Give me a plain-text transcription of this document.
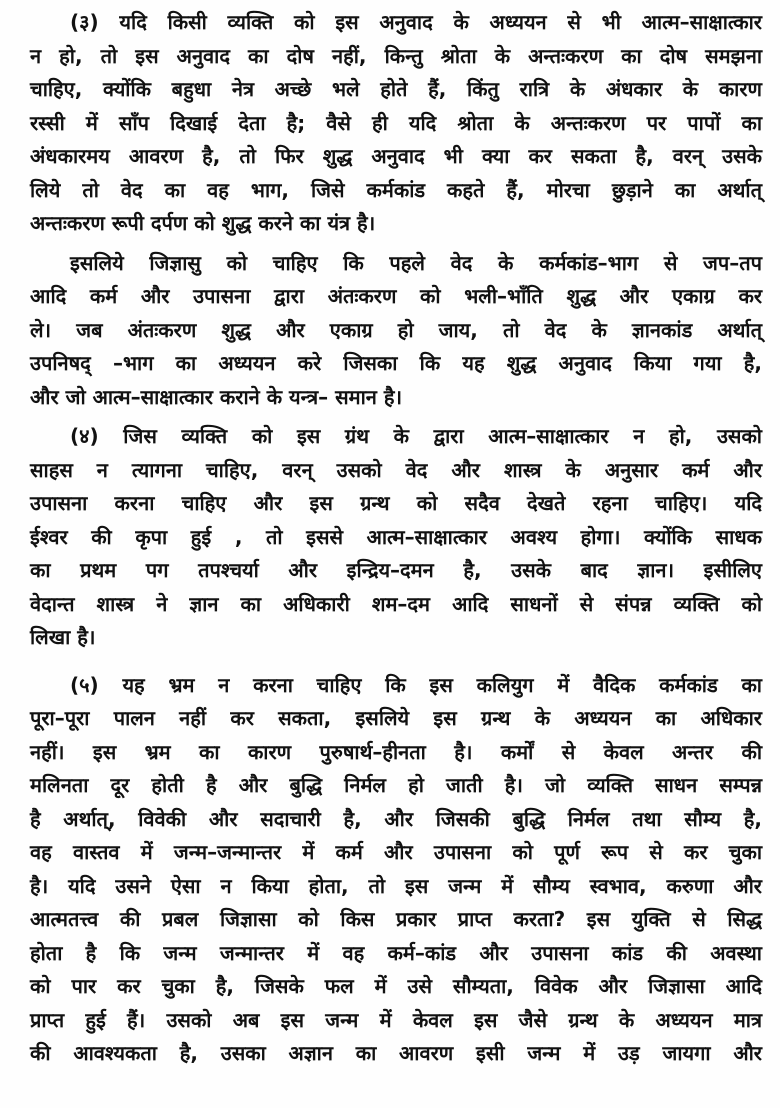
(३) यदि किसी व्यक्ति को इस अनुवाद के अध्ययन से भी आत्म–साक्षात्कार
न हो, तो इस अनुवाद का दोष नहीं, किन्तु श्रोता के अन्तःकरण का दोष समझना
चाहिए, क्योंकि बहुधा नेत्र अच्छे भले होते हैं, किंतु रात्रि के अंधकार के कारण
रस्सी में साँप दिखाई देता है; वैसे ही यदि श्रोता के अन्तःकरण पर पापों का
अंधकारमय आवरण है, तो फिर शुद्ध अनुवाद भी क्या कर सकता है, वरन् उसके
लिये तो वेद का वह भाग, जिसे कर्मकांड कहते हैं, मोरचा छुड़ाने का अर्थात्
अन्तःकरण रूपी दर्पण को शुद्ध करने का यंत्र है।

इसलिये जिज्ञासु को चाहिए कि पहले वेद के कर्मकांड–भाग से जप–तप
आदि कर्म और उपासना द्वारा अंतःकरण को भली–भाँति शुद्ध और एकाग्र कर
ले। जब अंतःकरण शुद्ध और एकाग्र हो जाय, तो वेद के ज्ञानकांड अर्थात्
उपनिषद् –भाग का अध्ययन करे जिसका कि यह शुद्ध अनुवाद किया गया है,
और जो आत्म–साक्षात्कार कराने के यन्त्र– समान है।

(४) जिस व्यक्ति को इस ग्रंथ के द्वारा आत्म–साक्षात्कार न हो, उसको
साहस न त्यागना चाहिए, वरन् उसको वेद और शास्त्र के अनुसार कर्म और
उपासना करना चाहिए और इस ग्रन्थ को सदैव देखते रहना चाहिए। यदि
ईश्वर की कृपा हुई , तो इससे आत्म–साक्षात्कार अवश्य होगा। क्योंकि साधक
का प्रथम पग तपश्चर्या और इन्द्रिय–दमन है, उसके बाद ज्ञान। इसीलिए
वेदान्त शास्त्र ने ज्ञान का अधिकारी शम–दम आदि साधनों से संपन्न व्यक्ति को
लिखा है।

(५) यह भ्रम न करना चाहिए कि इस कलियुग में वैदिक कर्मकांड का
पूरा–पूरा पालन नहीं कर सकता, इसलिये इस ग्रन्थ के अध्ययन का अधिकार
नहीं। इस भ्रम का कारण पुरुषार्थ–हीनता है। कर्मों से केवल अन्तर की
मलिनता दूर होती है और बुद्धि निर्मल हो जाती है। जो व्यक्ति साधन सम्पन्न
है अर्थात्, विवेकी और सदाचारी है, और जिसकी बुद्धि निर्मल तथा सौम्य है,
वह वास्तव में जन्म–जन्मान्तर में कर्म और उपासना को पूर्ण रूप से कर चुका
है। यदि उसने ऐसा न किया होता, तो इस जन्म में सौम्य स्वभाव, करुणा और
आत्मतत्त्व की प्रबल जिज्ञासा को किस प्रकार प्राप्त करता? इस युक्ति से सिद्ध
होता है कि जन्म जन्मान्तर में वह कर्म–कांड और उपासना कांड की अवस्था
को पार कर चुका है, जिसके फल में उसे सौम्यता, विवेक और जिज्ञासा आदि
प्राप्त हुई हैं। उसको अब इस जन्म में केवल इस जैसे ग्रन्थ के अध्ययन मात्र
की आवश्यकता है, उसका अज्ञान का आवरण इसी जन्म में उड़ जायगा और
